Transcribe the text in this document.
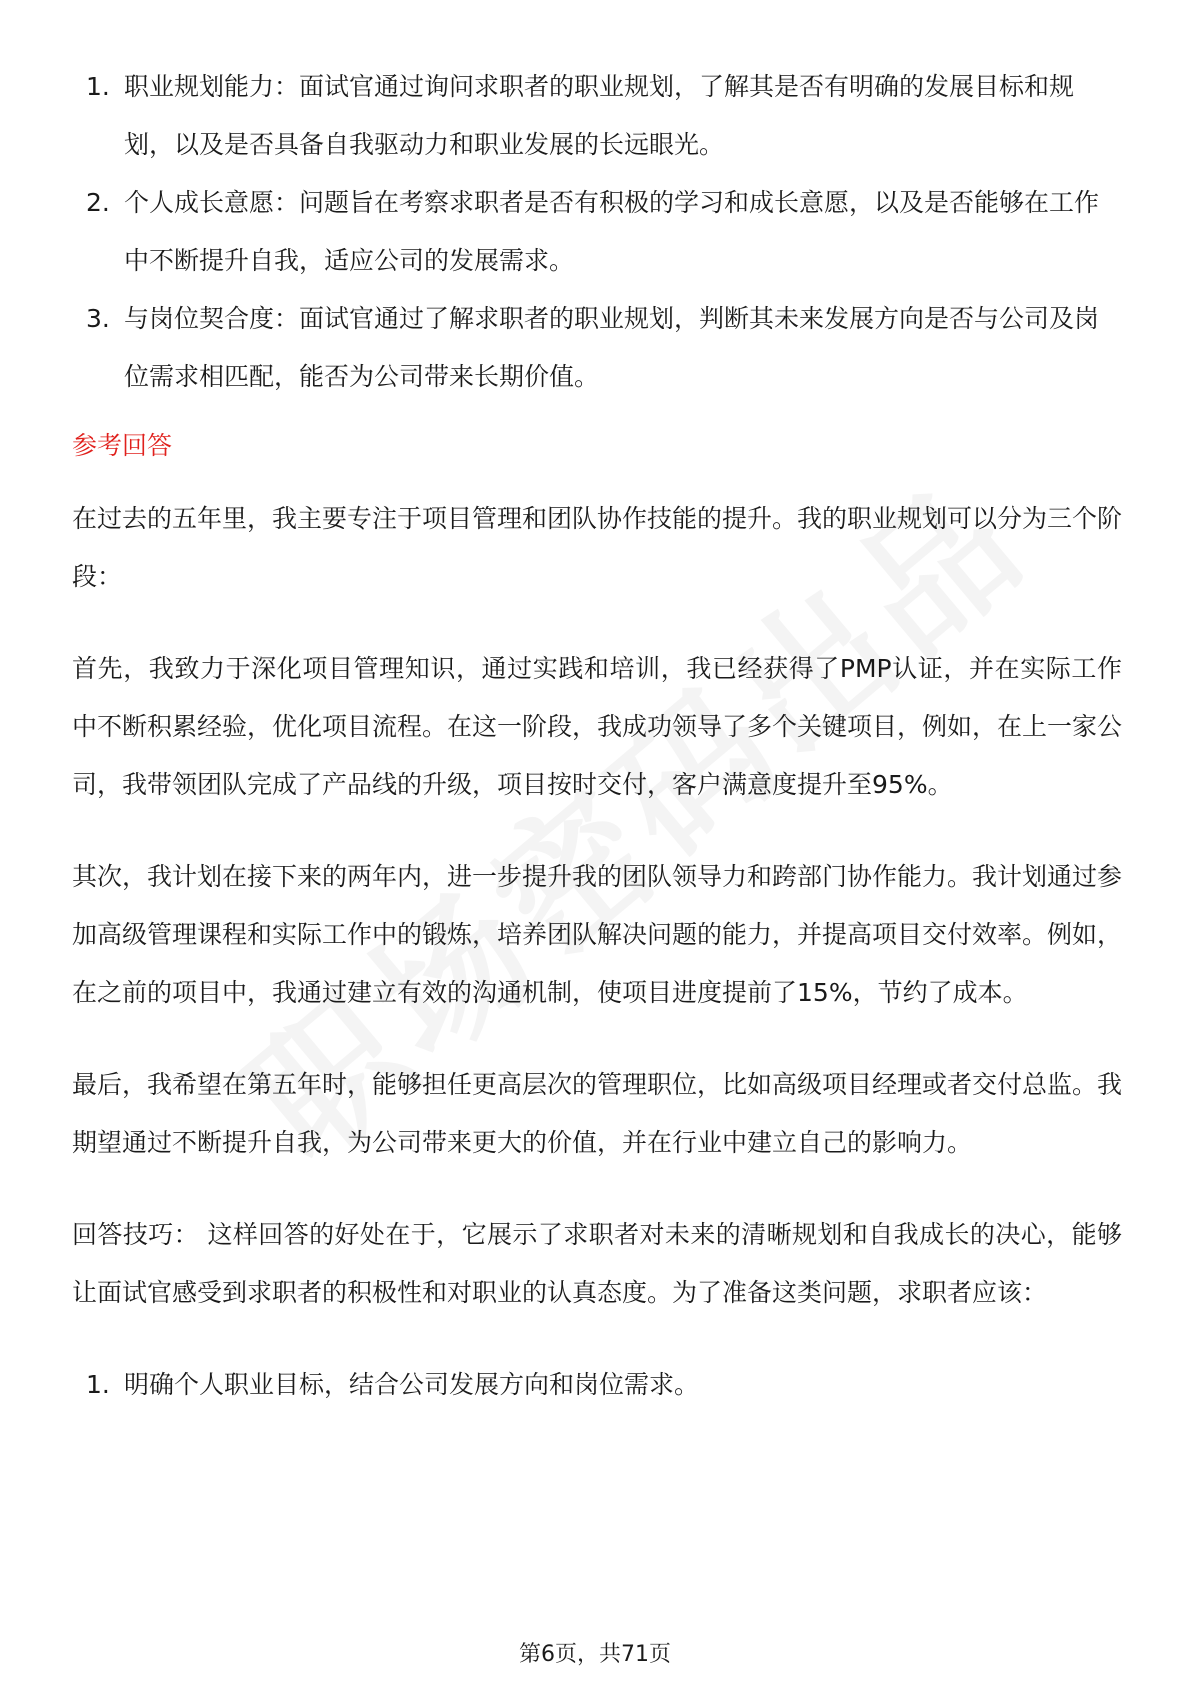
1. 职业规划能力：面试官通过询问求职者的职业规划，了解其是否有明确的发展目标和规划，以及是否具备自我驱动力和职业发展的长远眼光。
2. 个人成长意愿：问题旨在考察求职者是否有积极的学习和成长意愿，以及是否能够在工作中不断提升自我，适应公司的发展需求。
3. 与岗位契合度：面试官通过了解求职者的职业规划，判断其未来发展方向是否与公司及岗位需求相匹配，能否为公司带来长期价值。
参考回答

在过去的五年里，我主要专注于项目管理和团队协作技能的提升。我的职业规划可以分为三个阶段：

首先，我致力于深化项目管理知识，通过实践和培训，我已经获得了PMP认证，并在实际工作中不断积累经验，优化项目流程。在这一阶段，我成功领导了多个关键项目，例如，在上一家公司，我带领团队完成了产品线的升级，项目按时交付，客户满意度提升至95%。

其次，我计划在接下来的两年内，进一步提升我的团队领导力和跨部门协作能力。我计划通过参加高级管理课程和实际工作中的锻炼，培养团队解决问题的能力，并提高项目交付效率。例如，在之前的项目中，我通过建立有效的沟通机制，使项目进度提前了15%，节约了成本。

最后，我希望在第五年时，能够担任更高层次的管理职位，比如高级项目经理或者交付总监。我期望通过不断提升自我，为公司带来更大的价值，并在行业中建立自己的影响力。

回答技巧： 这样回答的好处在于，它展示了求职者对未来的清晰规划和自我成长的决心，能够让面试官感受到求职者的积极性和对职业的认真态度。为了准备这类问题，求职者应该：

1. 明确个人职业目标，结合公司发展方向和岗位需求。
第6页，共71页
